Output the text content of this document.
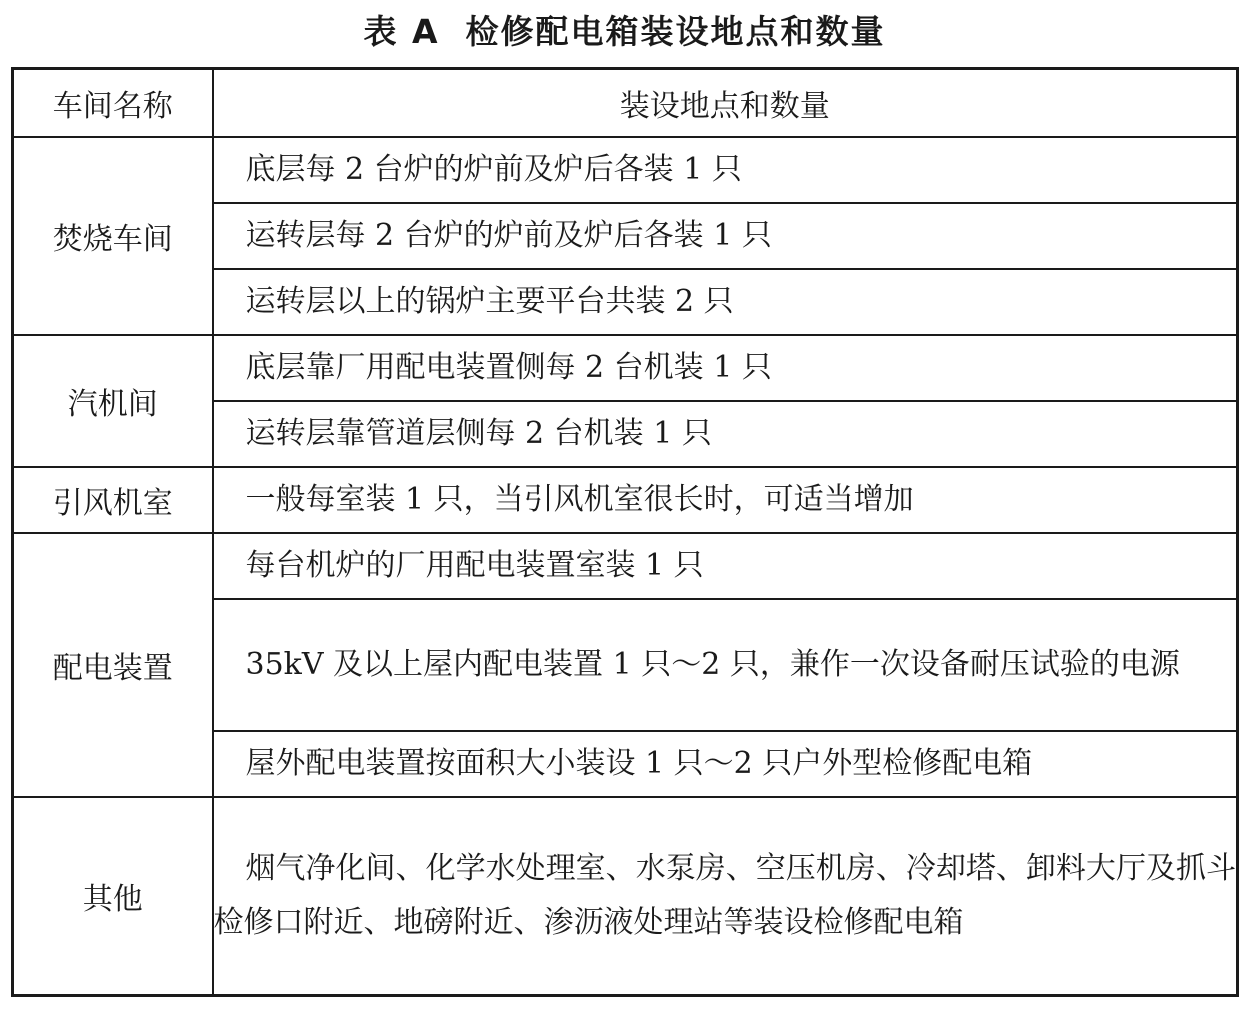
表 A 检修配电箱装设地点和数量
车间名称	装设地点和数量
焚烧车间	底层每 2 台炉的炉前及炉后各装 1 只
	运转层每 2 台炉的炉前及炉后各装 1 只
	运转层以上的锅炉主要平台共装 2 只
汽机间	底层靠厂用配电装置侧每 2 台机装 1 只
	运转层靠管道层侧每 2 台机装 1 只
引风机室	一般每室装 1 只，当引风机室很长时，可适当增加
配电装置	每台机炉的厂用配电装置室装 1 只
	35kV 及以上屋内配电装置 1 只～2 只，兼作一次设备耐压试验的电源
	屋外配电装置按面积大小装设 1 只～2 只户外型检修配电箱
其他	烟气净化间、化学水处理室、水泵房、空压机房、冷却塔、卸料大厅及抓斗检修口附近、地磅附近、渗沥液处理站等装设检修配电箱
